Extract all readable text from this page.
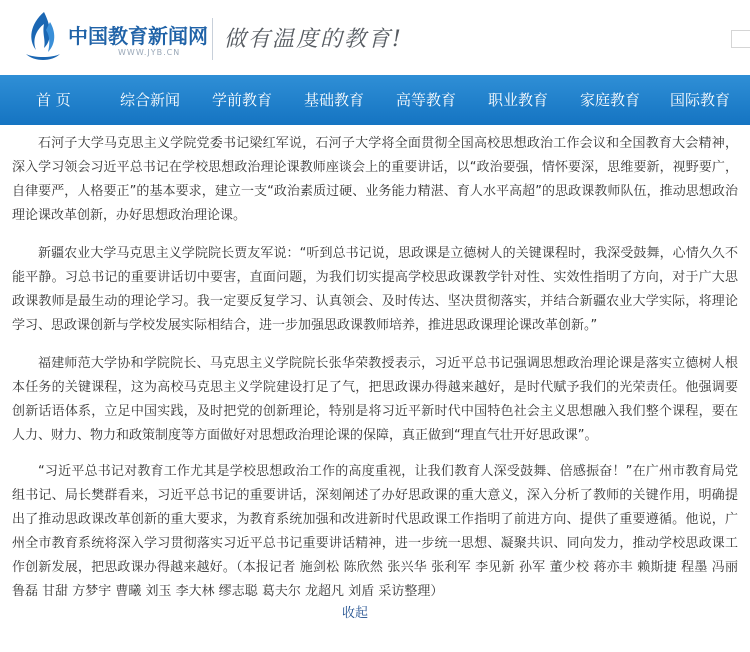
中国教育新闻网
WWW.JYB.CN
做有温度的教育!
首 页	综合新闻 学前教育 基础教育 高等教育 职业教育 家庭教育 国际教育

石河子大学马克思主义学院党委书记梁红军说，石河子大学将全面贯彻全国高校思想政治工作会议和全国教育大会精神，深入学习领会习近平总书记在学校思想政治理论课教师座谈会上的重要讲话，以“政治要强，情怀要深，思维要新，视野要广，自律要严，人格要正”的基本要求，建立一支“政治素质过硬、业务能力精湛、育人水平高超”的思政课教师队伍，推动思想政治理论课改革创新，办好思想政治理论课。

新疆农业大学马克思主义学院院长贾友军说：“听到总书记说，思政课是立德树人的关键课程时，我深受鼓舞，心情久久不能平静。习总书记的重要讲话切中要害，直面问题，为我们切实提高学校思政课教学针对性、实效性指明了方向，对于广大思政课教师是最生动的理论学习。我一定要反复学习、认真领会、及时传达、坚决贯彻落实，并结合新疆农业大学实际，将理论学习、思政课创新与学校发展实际相结合，进一步加强思政课教师培养，推进思政课理论课改革创新。”

福建师范大学协和学院院长、马克思主义学院院长张华荣教授表示，习近平总书记强调思想政治理论课是落实立德树人根本任务的关键课程，这为高校马克思主义学院建设打足了气，把思政课办得越来越好，是时代赋予我们的光荣责任。他强调要创新话语体系，立足中国实践，及时把党的创新理论，特别是将习近平新时代中国特色社会主义思想融入我们整个课程，要在人力、财力、物力和政策制度等方面做好对思想政治理论课的保障，真正做到“理直气壮开好思政课”。

“习近平总书记对教育工作尤其是学校思想政治工作的高度重视，让我们教育人深受鼓舞、倍感振奋！”在广州市教育局党组书记、局长樊群看来，习近平总书记的重要讲话，深刻阐述了办好思政课的重大意义，深入分析了教师的关键作用，明确提出了推动思政课改革创新的重大要求，为教育系统加强和改进新时代思政课工作指明了前进方向、提供了重要遵循。他说，广州全市教育系统将深入学习贯彻落实习近平总书记重要讲话精神，进一步统一思想、凝聚共识、同向发力，推动学校思政课工作创新发展，把思政课办得越来越好。（本报记者 施剑松 陈欣然 张兴华 张利军 李见新 孙军 董少校 蒋亦丰 赖斯捷 程墨 冯丽 鲁磊 甘甜 方梦宇 曹曦 刘玉 李大林 缪志聪 葛夫尔 龙超凡 刘盾 采访整理）

收起
